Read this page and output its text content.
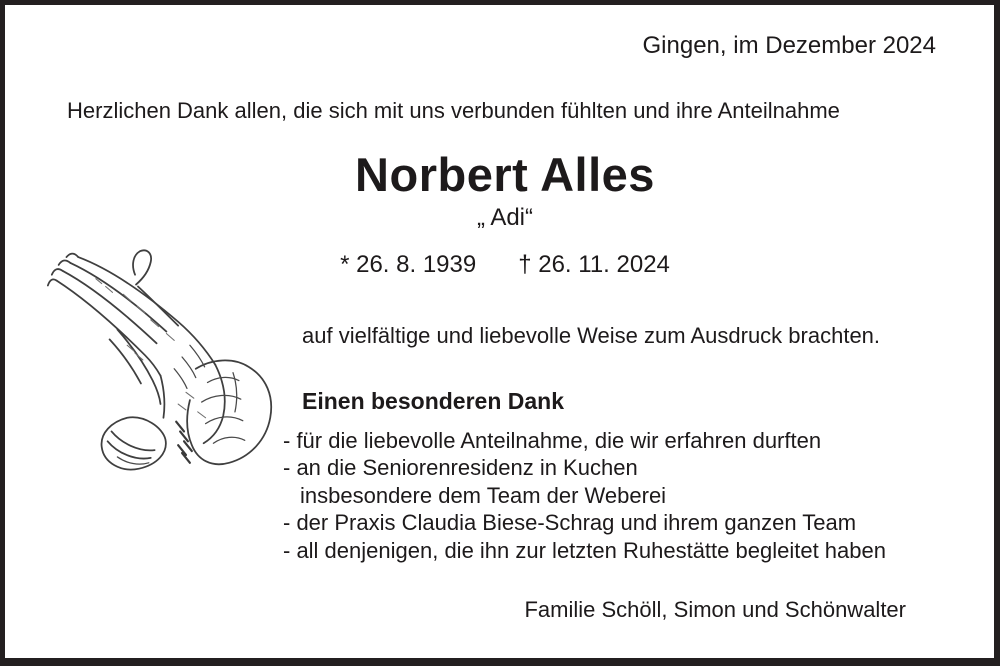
Gingen, im Dezember 2024
Herzlichen Dank allen, die sich mit uns verbunden fühlten und ihre Anteilnahme
Norbert Alles
„ Adi“
* 26. 8. 1939 † 26. 11. 2024
auf vielfältige und liebevolle Weise zum Ausdruck brachten.
Einen besonderen Dank
- für die liebevolle Anteilnahme, die wir erfahren durften
- an die Seniorenresidenz in Kuchen
insbesondere dem Team der Weberei
- der Praxis Claudia Biese-Schrag und ihrem ganzen Team
- all denjenigen, die ihn zur letzten Ruhestätte begleitet haben
Familie Schöll, Simon und Schönwalter
